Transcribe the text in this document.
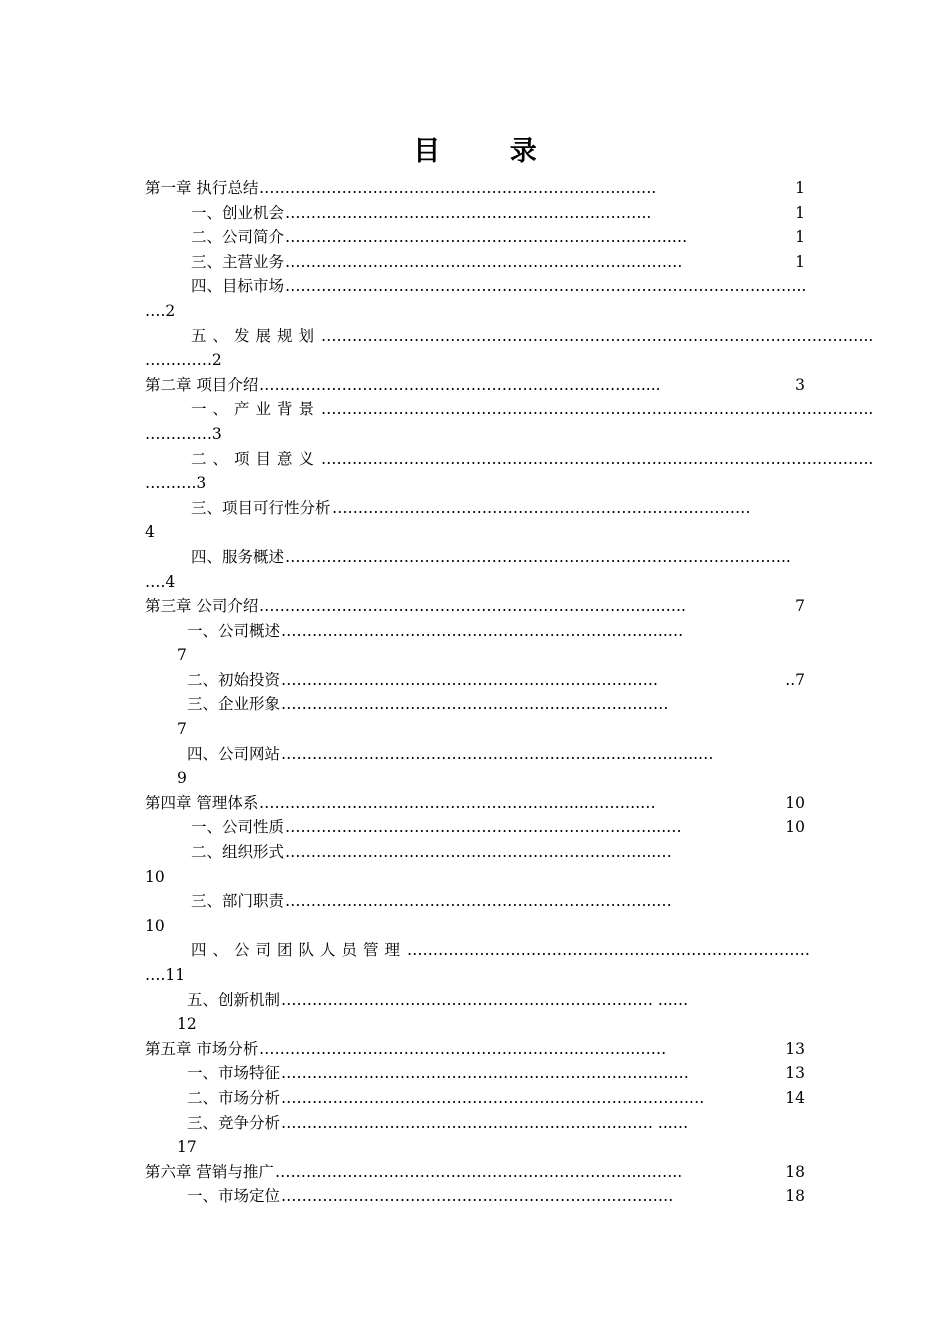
目 录
第一章 执行总结 …………………………………………………………….…….	1
一、创业机会 ……………………………………………………………..	1
二、公司简介 ………………………………………………………….……..…	1
三、主营业务 ………………………………………………………….……….	1
四、目标市场 ………………………………………………………………………………………..
….2
五、发展规划 ……………………………………………………………………………………………..
………….2
第二章 项目介绍 ………………………………………………………….…….....	3
一、产业背景 ……………………………………………………………………………………………..
………….3
二、项目意义 ……………………………………………………………………………………………..
……….3
三、项目可行性分析 ………………………………………………………………………
4
四、服务概述 ……………………………………………………………………………………..
….4
第三章 公司介绍 ……………………………………………………….……..…...…..	7
一、公司概述 ……………………………………………………….………..…
7
二、初始投资 ……………………………………………………………….	..7
三、企业形象 …………………………………………………………………
7
四、公司网站 ……………………………………………………....……………..…
9
第四章 管理体系 ……………………………………………………....……….…	10
一、公司性质 ……………………………………………………..………...…	10
二、组织形式 ……………………………………………………………...…
10
三、部门职责 ……………………………………………………………...…
10
四、公司团队人员管理 ……………………………………………………………………
….11
五、创新机制 ……………………………………………………………… ...…
12
第五章 市场分析 ……………………………………………………..………..……	13
一、市场特征 ………………………………………………………………….…	13
二、市场分析 …………………………………………………………………….…	14
三、竞争分析 ……………………………………………………………… ...…
17
第六章 营销与推广 ……………………………………………………………..……..	18
一、市场定位 ……………………………………………………….…………	18
